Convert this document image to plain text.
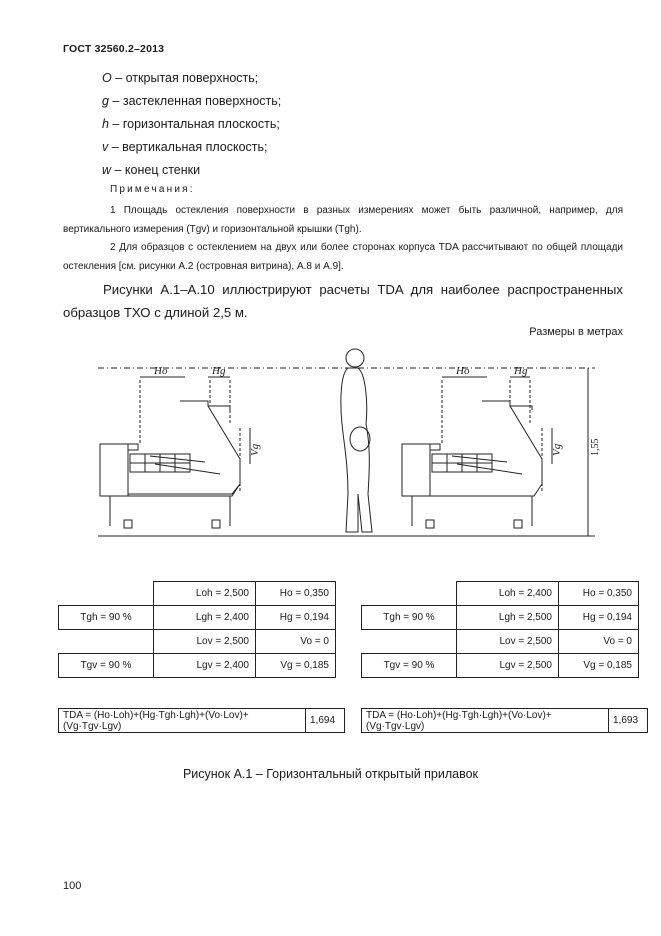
ГОСТ 32560.2–2013
O – открытая поверхность;
g – застекленная поверхность;
h – горизонтальная плоскость;
v – вертикальная плоскость;
w – конец стенки
Примечания:
1 Площадь остекления поверхности в разных измерениях может быть различной, например, для вертикального измерения (Tgv) и горизонтальной крышки (Tgh).
2 Для образцов с остеклением на двух или более сторонах корпуса TDA рассчитывают по общей площади остекления [см. рисунки А.2 (островная витрина), А.8 и А.9].
Рисунки А.1–А.10 иллюстрируют расчеты TDA для наиболее распространенных образцов ТХО с длиной 2,5 м.
Размеры в метрах
Ho	Hg
Vg
Ho	Hg
Vg	1,55
	Loh = 2,500	Ho = 0,350
Tgh = 90 %	Lgh = 2,400	Hg = 0,194
	Lov = 2,500	Vo = 0
Tgv = 90 %	Lgv = 2,400	Vg = 0,185
	Loh = 2,400	Ho = 0,350
Tgh = 90 %	Lgh = 2,500	Hg = 0,194
	Lov = 2,500	Vo = 0
Tgv = 90 %	Lgv = 2,500	Vg = 0,185
TDA = (Ho·Loh)+(Hg·Tgh·Lgh)+(Vo·Lov)+(Vg·Tgv·Lgv)	1,694	TDA = (Ho·Loh)+(Hg·Tgh·Lgh)+(Vo·Lov)+(Vg·Tgv·Lgv)	1,693
Рисунок А.1 – Горизонтальный открытый прилавок
100
